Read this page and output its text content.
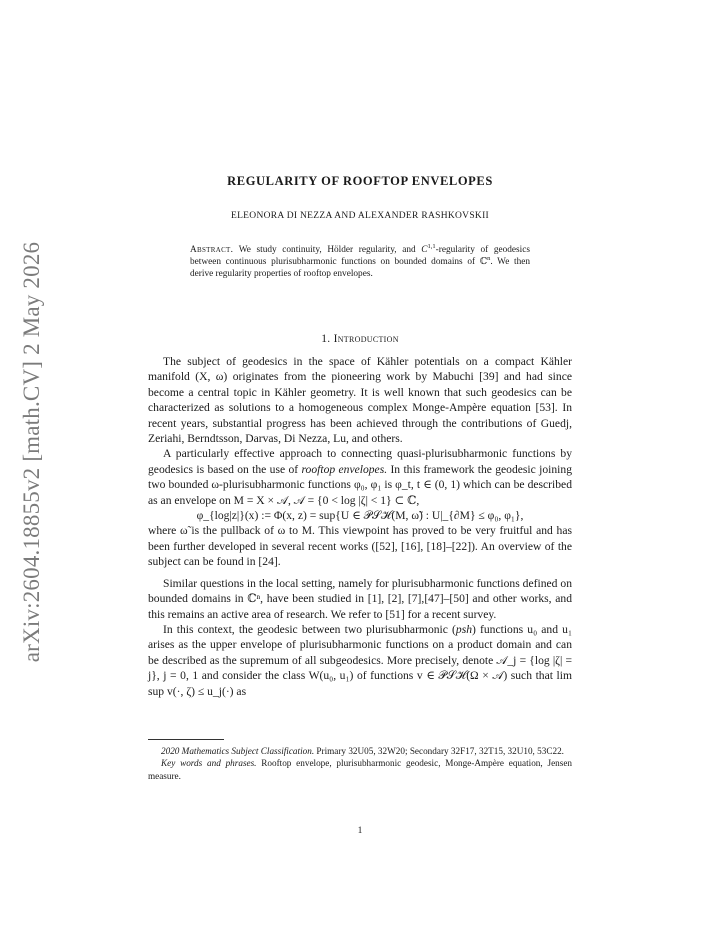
arXiv:2604.18855v2 [math.CV] 2 May 2026
REGULARITY OF ROOFTOP ENVELOPES
ELEONORA DI NEZZA AND ALEXANDER RASHKOVSKII
Abstract. We study continuity, Hölder regularity, and C$^{1,1}$-regularity of geodesics between continuous plurisubharmonic functions on bounded domains of ℂ$^n$. We then derive regularity properties of rooftop envelopes.
1. Introduction

The subject of geodesics in the space of Kähler potentials on a compact Kähler manifold (X, ω) originates from the pioneering work by Mabuchi [39] and had since become a central topic in Kähler geometry. It is well known that such geodesics can be characterized as solutions to a homogeneous complex Monge-Ampère equation [53]. In recent years, substantial progress has been achieved through the contributions of Guedj, Zeriahi, Berndtsson, Darvas, Di Nezza, Lu, and others.

A particularly effective approach to connecting quasi-plurisubharmonic functions by geodesics is based on the use of rooftop envelopes. In this framework the geodesic joining two bounded ω-plurisubharmonic functions φ₀, φ₁ is φ_t, t ∈ (0, 1) which can be described as an envelope on M = X × 𝒜, 𝒜 = {0 < log |ζ| < 1} ⊂ ℂ,

φ_{log|z|}(x) := Φ(x, z) = sup{U ∈ 𝒫𝒮ℋ(M, ω̃) : U|_{∂M} ≤ φ₀, φ₁},

where ω̃ is the pullback of ω to M. This viewpoint has proved to be very fruitful and has been further developed in several recent works ([52], [16], [18]–[22]). An overview of the subject can be found in [24].

Similar questions in the local setting, namely for plurisubharmonic functions defined on bounded domains in ℂⁿ, have been studied in [1], [2], [7],[47]–[50] and other works, and this remains an active area of research. We refer to [51] for a recent survey.

In this context, the geodesic between two plurisubharmonic (psh) functions u₀ and u₁ arises as the upper envelope of plurisubharmonic functions on a product domain and can be described as the supremum of all subgeodesics. More precisely, denote 𝒜_j = {log |ζ| = j}, j = 0, 1 and consider the class W(u₀, u₁) of functions v ∈ 𝒫𝒮ℋ(Ω × 𝒜) such that lim sup v(·, ζ) ≤ u_j(·) as

2020 Mathematics Subject Classification. Primary 32U05, 32W20; Secondary 32F17, 32T15, 32U10, 53C22.

Key words and phrases. Rooftop envelope, plurisubharmonic geodesic, Monge-Ampère equation, Jensen measure.

1
